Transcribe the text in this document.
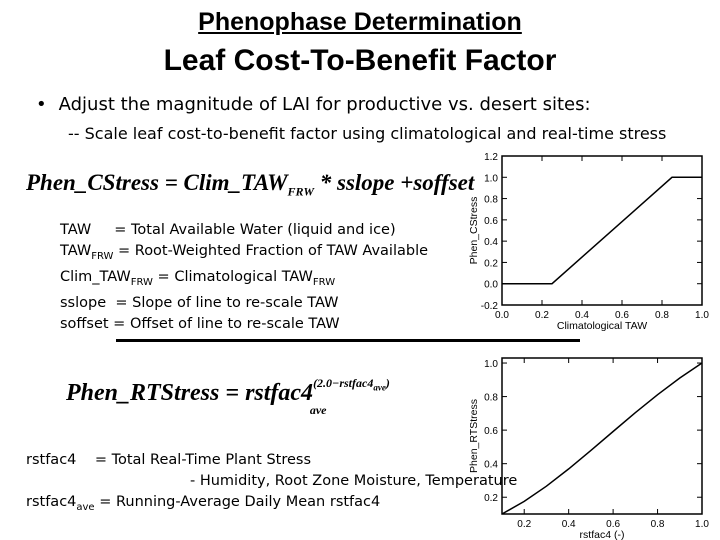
Phenophase Determination
Leaf Cost-To-Benefit Factor
• Adjust the magnitude of LAI for productive vs. desert sites:
-- Scale leaf cost-to-benefit factor using climatological and real-time stress
Phen_CStress = $Clim\_TAW_{FRW}$ * sslope +soffset
TAW     = Total Available Water (liquid and ice)
$TAW_{FRW}$ = Root-Weighted Fraction of TAW Available
$Clim\_TAW_{FRW}$ = Climatological $TAW_{FRW}$
sslope  = Slope of line to re-scale TAW
soffset = Offset of line to re-scale TAW
Phen_RTStress = $rstfac4^{(2.0-rstfac4_{ave})}_{ave}$
rstfac4    = Total Real-Time Plant Stress
- Humidity, Root Zone Moisture, Temperature
$rstfac4_{ave}$ = Running-Average Daily Mean rstfac4
-0.2
0.0
0.2
0.4
0.6
0.8
1.0
1.2
0.0	0.2	0.4	0.6	0.8	1.0
Climatological TAW
Phen_CStress
0.2
0.4
0.6
0.8
1.0
0.2	0.4	0.6	0.8	1.0
rstfac4 (-)
Phen_RTStress
